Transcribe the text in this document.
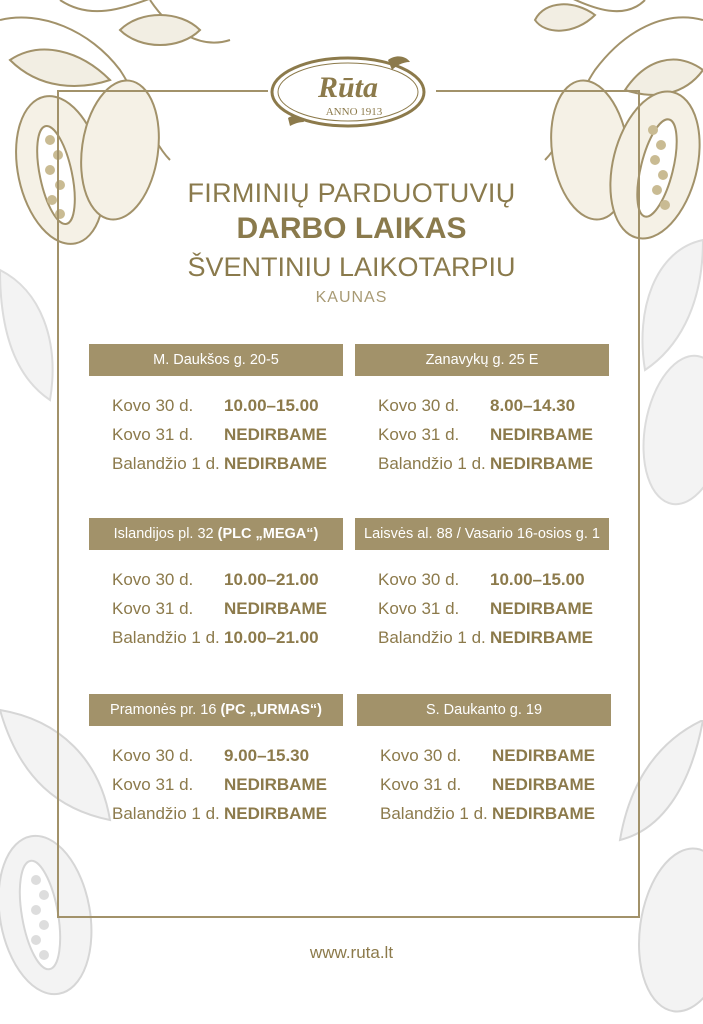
Rūta
ANNO 1913
FIRMINIŲ PARDUOTUVIŲ
DARBO LAIKAS
ŠVENTINIU LAIKOTARPIU
KAUNAS
M. Daukšos g. 20-5
Kovo 30 d.	10.00–15.00
Kovo 31 d.	NEDIRBAME
Balandžio 1 d. NEDIRBAME
Zanavykų g. 25 E
Kovo 30 d.	8.00–14.30
Kovo 31 d.	NEDIRBAME
Balandžio 1 d. NEDIRBAME
Islandijos pl. 32 (PLC „MEGA“)
Kovo 30 d.	10.00–21.00
Kovo 31 d.	NEDIRBAME
Balandžio 1 d. 10.00–21.00
Laisvės al. 88 / Vasario 16-osios g. 1
Kovo 30 d.	10.00–15.00
Kovo 31 d.	NEDIRBAME
Balandžio 1 d. NEDIRBAME
Pramonės pr. 16 (PC „URMAS“)
Kovo 30 d.	9.00–15.30
Kovo 31 d.	NEDIRBAME
Balandžio 1 d. NEDIRBAME
S. Daukanto g. 19
Kovo 30 d.	NEDIRBAME
Kovo 31 d.	NEDIRBAME
Balandžio 1 d. NEDIRBAME
www.ruta.lt
